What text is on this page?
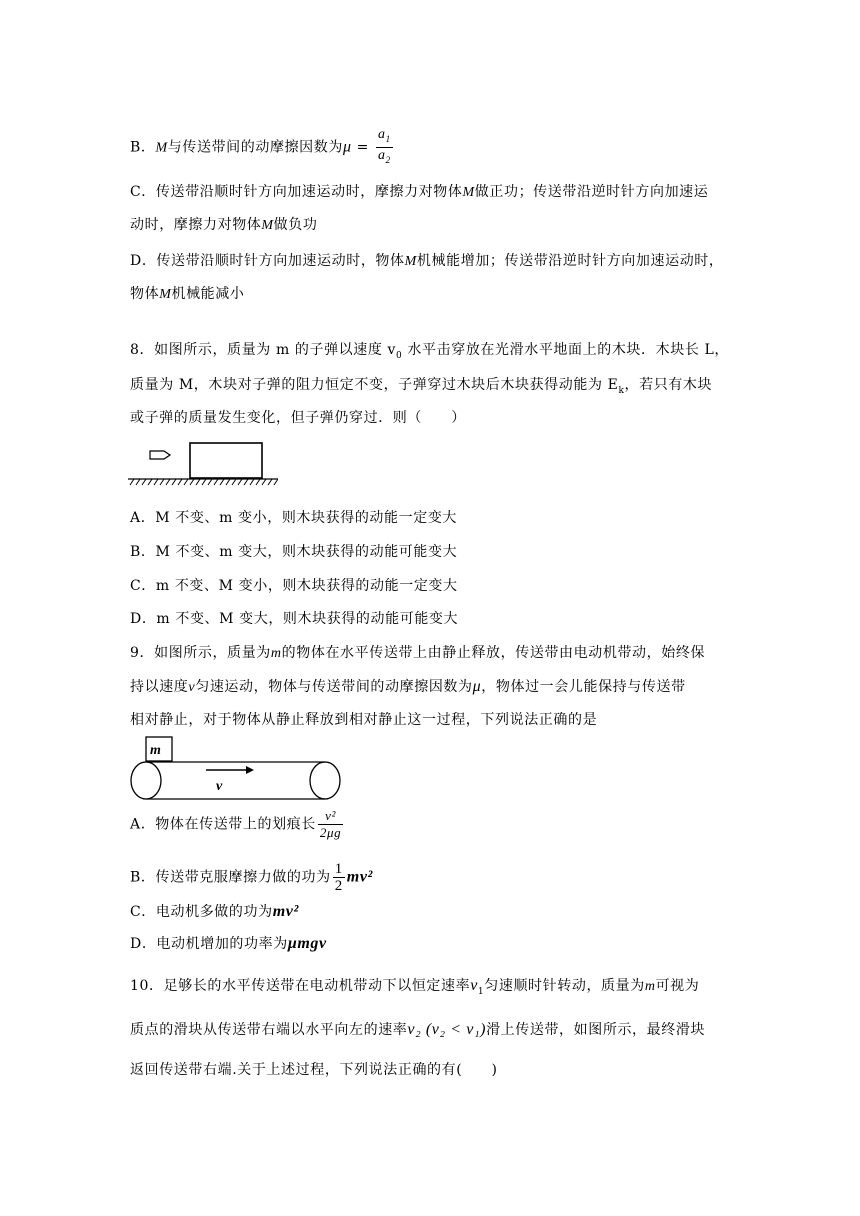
B．M与传送带间的动摩擦因数为$\mu = \frac{a_1}{a_2}$
C．传送带沿顺时针方向加速运动时，摩擦力对物体M做正功；传送带沿逆时针方向加速运
动时，摩擦力对物体M做负功
D．传送带沿顺时针方向加速运动时，物体M机械能增加；传送带沿逆时针方向加速运动时，
物体M机械能减小
8．如图所示，质量为 m 的子弹以速度 $v_0$ 水平击穿放在光滑水平地面上的木块．木块长 L，
质量为 M，木块对子弹的阻力恒定不变，子弹穿过木块后木块获得动能为 $E_k$，若只有木块
或子弹的质量发生变化，但子弹仍穿过．则（　　）
A．M 不变、m 变小，则木块获得的动能一定变大
B．M 不变、m 变大，则木块获得的动能可能变大
C．m 不变、M 变小，则木块获得的动能一定变大
D．m 不变、M 变大，则木块获得的动能可能变大
9．如图所示，质量为m的物体在水平传送带上由静止释放，传送带由电动机带动，始终保
持以速度v匀速运动，物体与传送带间的动摩擦因数为μ，物体过一会儿能保持与传送带
相对静止，对于物体从静止释放到相对静止这一过程，下列说法正确的是
m
v
A．物体在传送带上的划痕长 $\frac{\text{v²}}{2\mu g}$
B．传送带克服摩擦力做的功为 $\frac{1}{2} mv^2$
C．电动机多做的功为mv²
D．电动机增加的功率为μmgv
10．足够长的水平传送带在电动机带动下以恒定速率$v_1$匀速顺时针转动，质量为m可视为
质点的滑块从传送带右端以水平向左的速率v₂ (v₂ < v₁)滑上传送带，如图所示，最终滑块
返回传送带右端.关于上述过程，下列说法正确的有(　　)
